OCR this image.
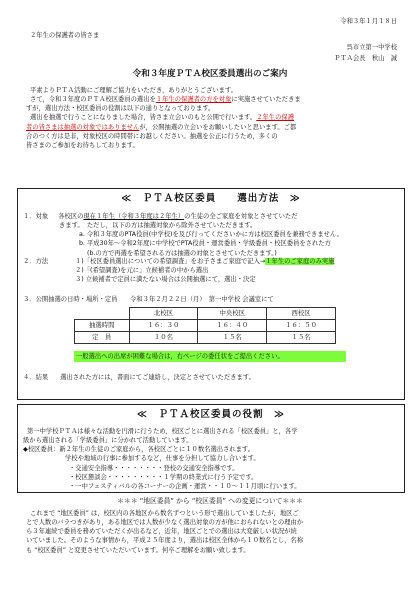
令和３年１月１８日
２年生の保護者の皆さま
呉市立第一中学校
ＰＴＡ会長　秋山　誠
令和３年度ＰＴＡ校区委員選出のご案内

平素よりＰＴＡ活動にご理解ご協力をいただき，ありがとうございます。

さて，令和３年度のＰＴＡ校区委員の選出を１年生の保護者の方を対象に実施させていただきま

すが，選出方法・校区委員の役割は以下の通りとなっております。

選出を抽選で行うことになりました場合，皆さま立会いのもと公開で行います。２年生の保護

者の皆さまは抽選の対象ではありませんが，公開抽選の立会いをお願いしたいと思います。ご都

合のつく方は是非，対象校区の時間帯にお越しください。抽選を公正に行うため，多くの

皆さまのご参加をお待ちしております。

≪　ＰＴＡ校区委員　　選出方法　≫

１．対象 各校区の現在１年生（令和３年度は２年生）の生徒の全ご家庭を対象とさせていただ

きます。　ただし，以下の方は抽選対象から除外させていただきます。

a. 令和３年度のPTA役員(中学校)を及び行ってくださいかに方は校区委員を兼務できません。

b. 平成30年～令和2年度に中学校でPTA役員・運営委員・学級委員・校区委員をされた方

(b.の方で再選を希望される方は抽選の対象とさせていただきます。)

２．方法	１)「校区委員選出についての希望調査」をお子さまご家庭で記入→１年生のご家庭のみ実施

２)「(希望調査)を元に」立候補者の中から選出

３) 立候補者で定員に満たない場合は公開抽選にて，選出・決定

３．公開抽選の日時・場所・定員　　令和３年２月２２日（月）　第一中学校 会議室にて
	北校区	中央校区	西校区
抽選時間	１６：３０	１６：４０	１６：５０
定　員	１０名	１５名	１５名
一般選出への出席が困難な場合は，右ページの委任状をご提出ください。
４．結果 選出された方には，書面にてご連絡し，決定とさせていただきます。
≪　ＰＴＡ校区委員の役割　≫

第一中学校ＰＴＡは様々な活動を円滑に行うため，校区ごとに選出される「校区委員」と，各学

級から選出される「学級委員」に分かれて活動しています。

◆校区委員：新２年生の生徒のご家庭から，各校区ごとに１０数名選出されます。

学校や地域の行事に参加するなど，仕事を分担して協力し合います。

・交通安全指導・・・・・・・・登校の交通安全指導です。

・校区懇談会・・・・・・・・・１学期の終業式に行う予定です。

・一中フェスティバルの各コーナーの企画・運営・・１０～１１月頃に行います。

＊＊＊ “地区委員” から “校区委員” への変更について＊＊＊

これまで “地区委員” は，校区内の各地区から数名ずつという形で選出していましたが，地区ご

とで人数のバラつきがあり，ある地区では人数が少なく選出対象の方が他におられないとの理由か

ら３年連続で委員を務めていただくが出るなど，近年，地区ごとでの選出は大変厳しい状況が続

いていました。そのような事情から，平成２５年度より，選出は校区全体から１０数名とし，名称

も “校区委員” と変更させていただいています。何卒ご理解をお願い致します。
